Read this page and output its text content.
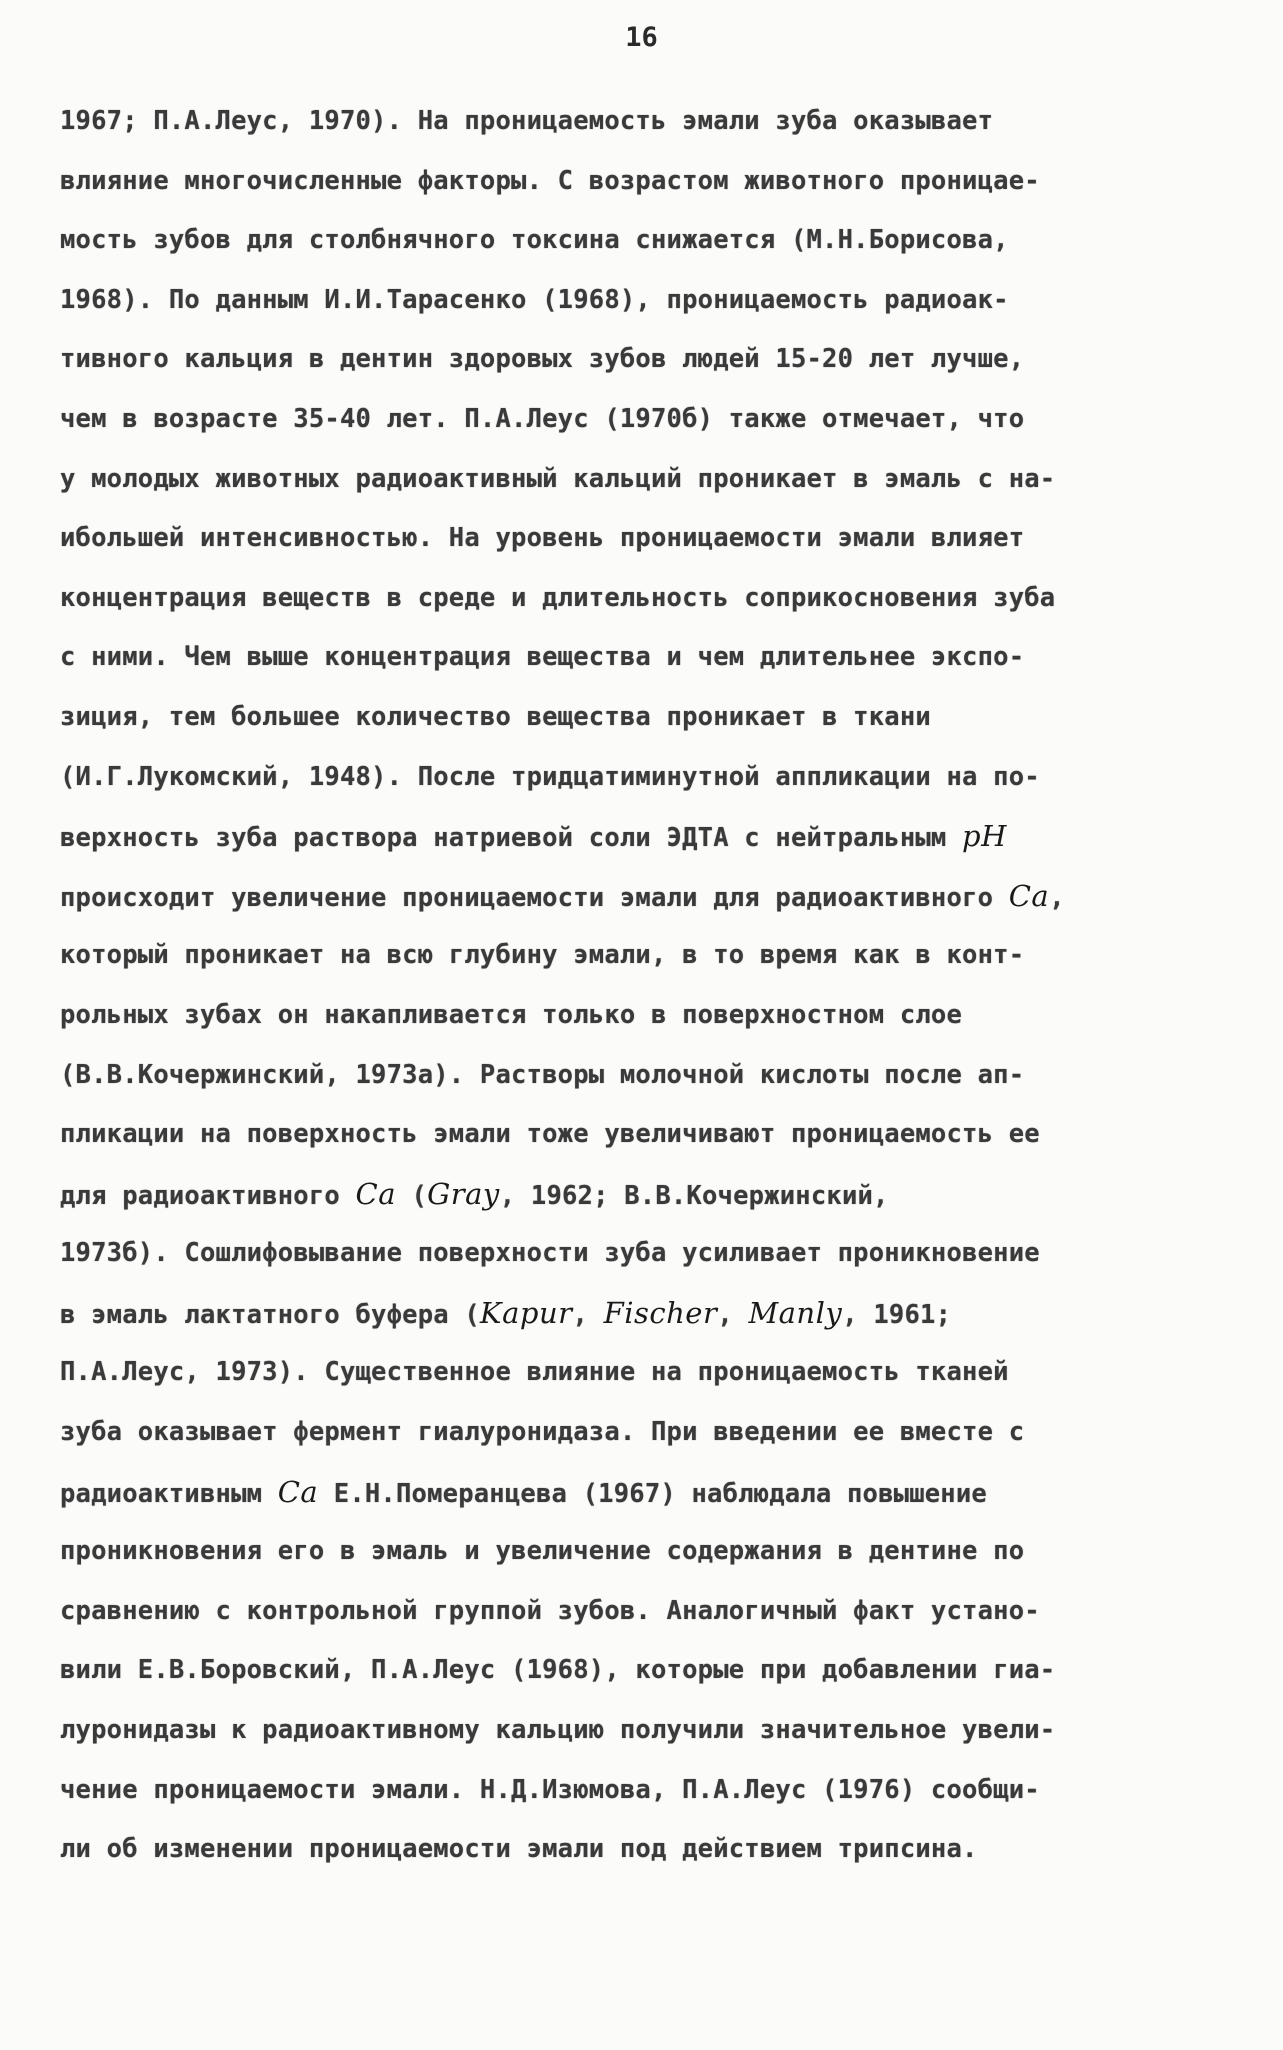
16
1967; П.А.Леус, 1970). На проницаемость эмали зуба оказывает
влияние многочисленные факторы. С возрастом животного проницае-
мость зубов для столбнячного токсина снижается (М.Н.Борисова,
1968). По данным И.И.Тарасенко (1968), проницаемость радиоак-
тивного кальция в дентин здоровых зубов людей 15-20 лет лучше,
чем в возрасте 35-40 лет. П.А.Леус (1970б) также отмечает, что
у молодых животных радиоактивный кальций проникает в эмаль с на-
ибольшей интенсивностью. На уровень проницаемости эмали влияет
концентрация веществ в среде и длительность соприкосновения зуба
с ними. Чем выше концентрация вещества и чем длительнее экспо-
зиция, тем большее количество вещества проникает в ткани
(И.Г.Лукомский, 1948). После тридцатиминутной аппликации на по-
верхность зуба раствора натриевой соли ЭДТА с нейтральным pH
происходит увеличение проницаемости эмали для радиоактивного Ca,
который проникает на всю глубину эмали, в то время как в конт-
рольных зубах он накапливается только в поверхностном слое
(В.В.Кочержинский, 1973а). Растворы молочной кислоты после ап-
пликации на поверхность эмали тоже увеличивают проницаемость ее
для радиоактивного Ca (Gray, 1962; В.В.Кочержинский,
1973б). Сошлифовывание поверхности зуба усиливает проникновение
в эмаль лактатного буфера (Kapur, Fischer, Manly, 1961;
П.А.Леус, 1973). Существенное влияние на проницаемость тканей
зуба оказывает фермент гиалуронидаза. При введении ее вместе с
радиоактивным Ca Е.Н.Померанцева (1967) наблюдала повышение
проникновения его в эмаль и увеличение содержания в дентине по
сравнению с контрольной группой зубов. Аналогичный факт устано-
вили Е.В.Боровский, П.А.Леус (1968), которые при добавлении гиа-
луронидазы к радиоактивному кальцию получили значительное увели-
чение проницаемости эмали. Н.Д.Изюмова, П.А.Леус (1976) сообщи-
ли об изменении проницаемости эмали под действием трипсина.
